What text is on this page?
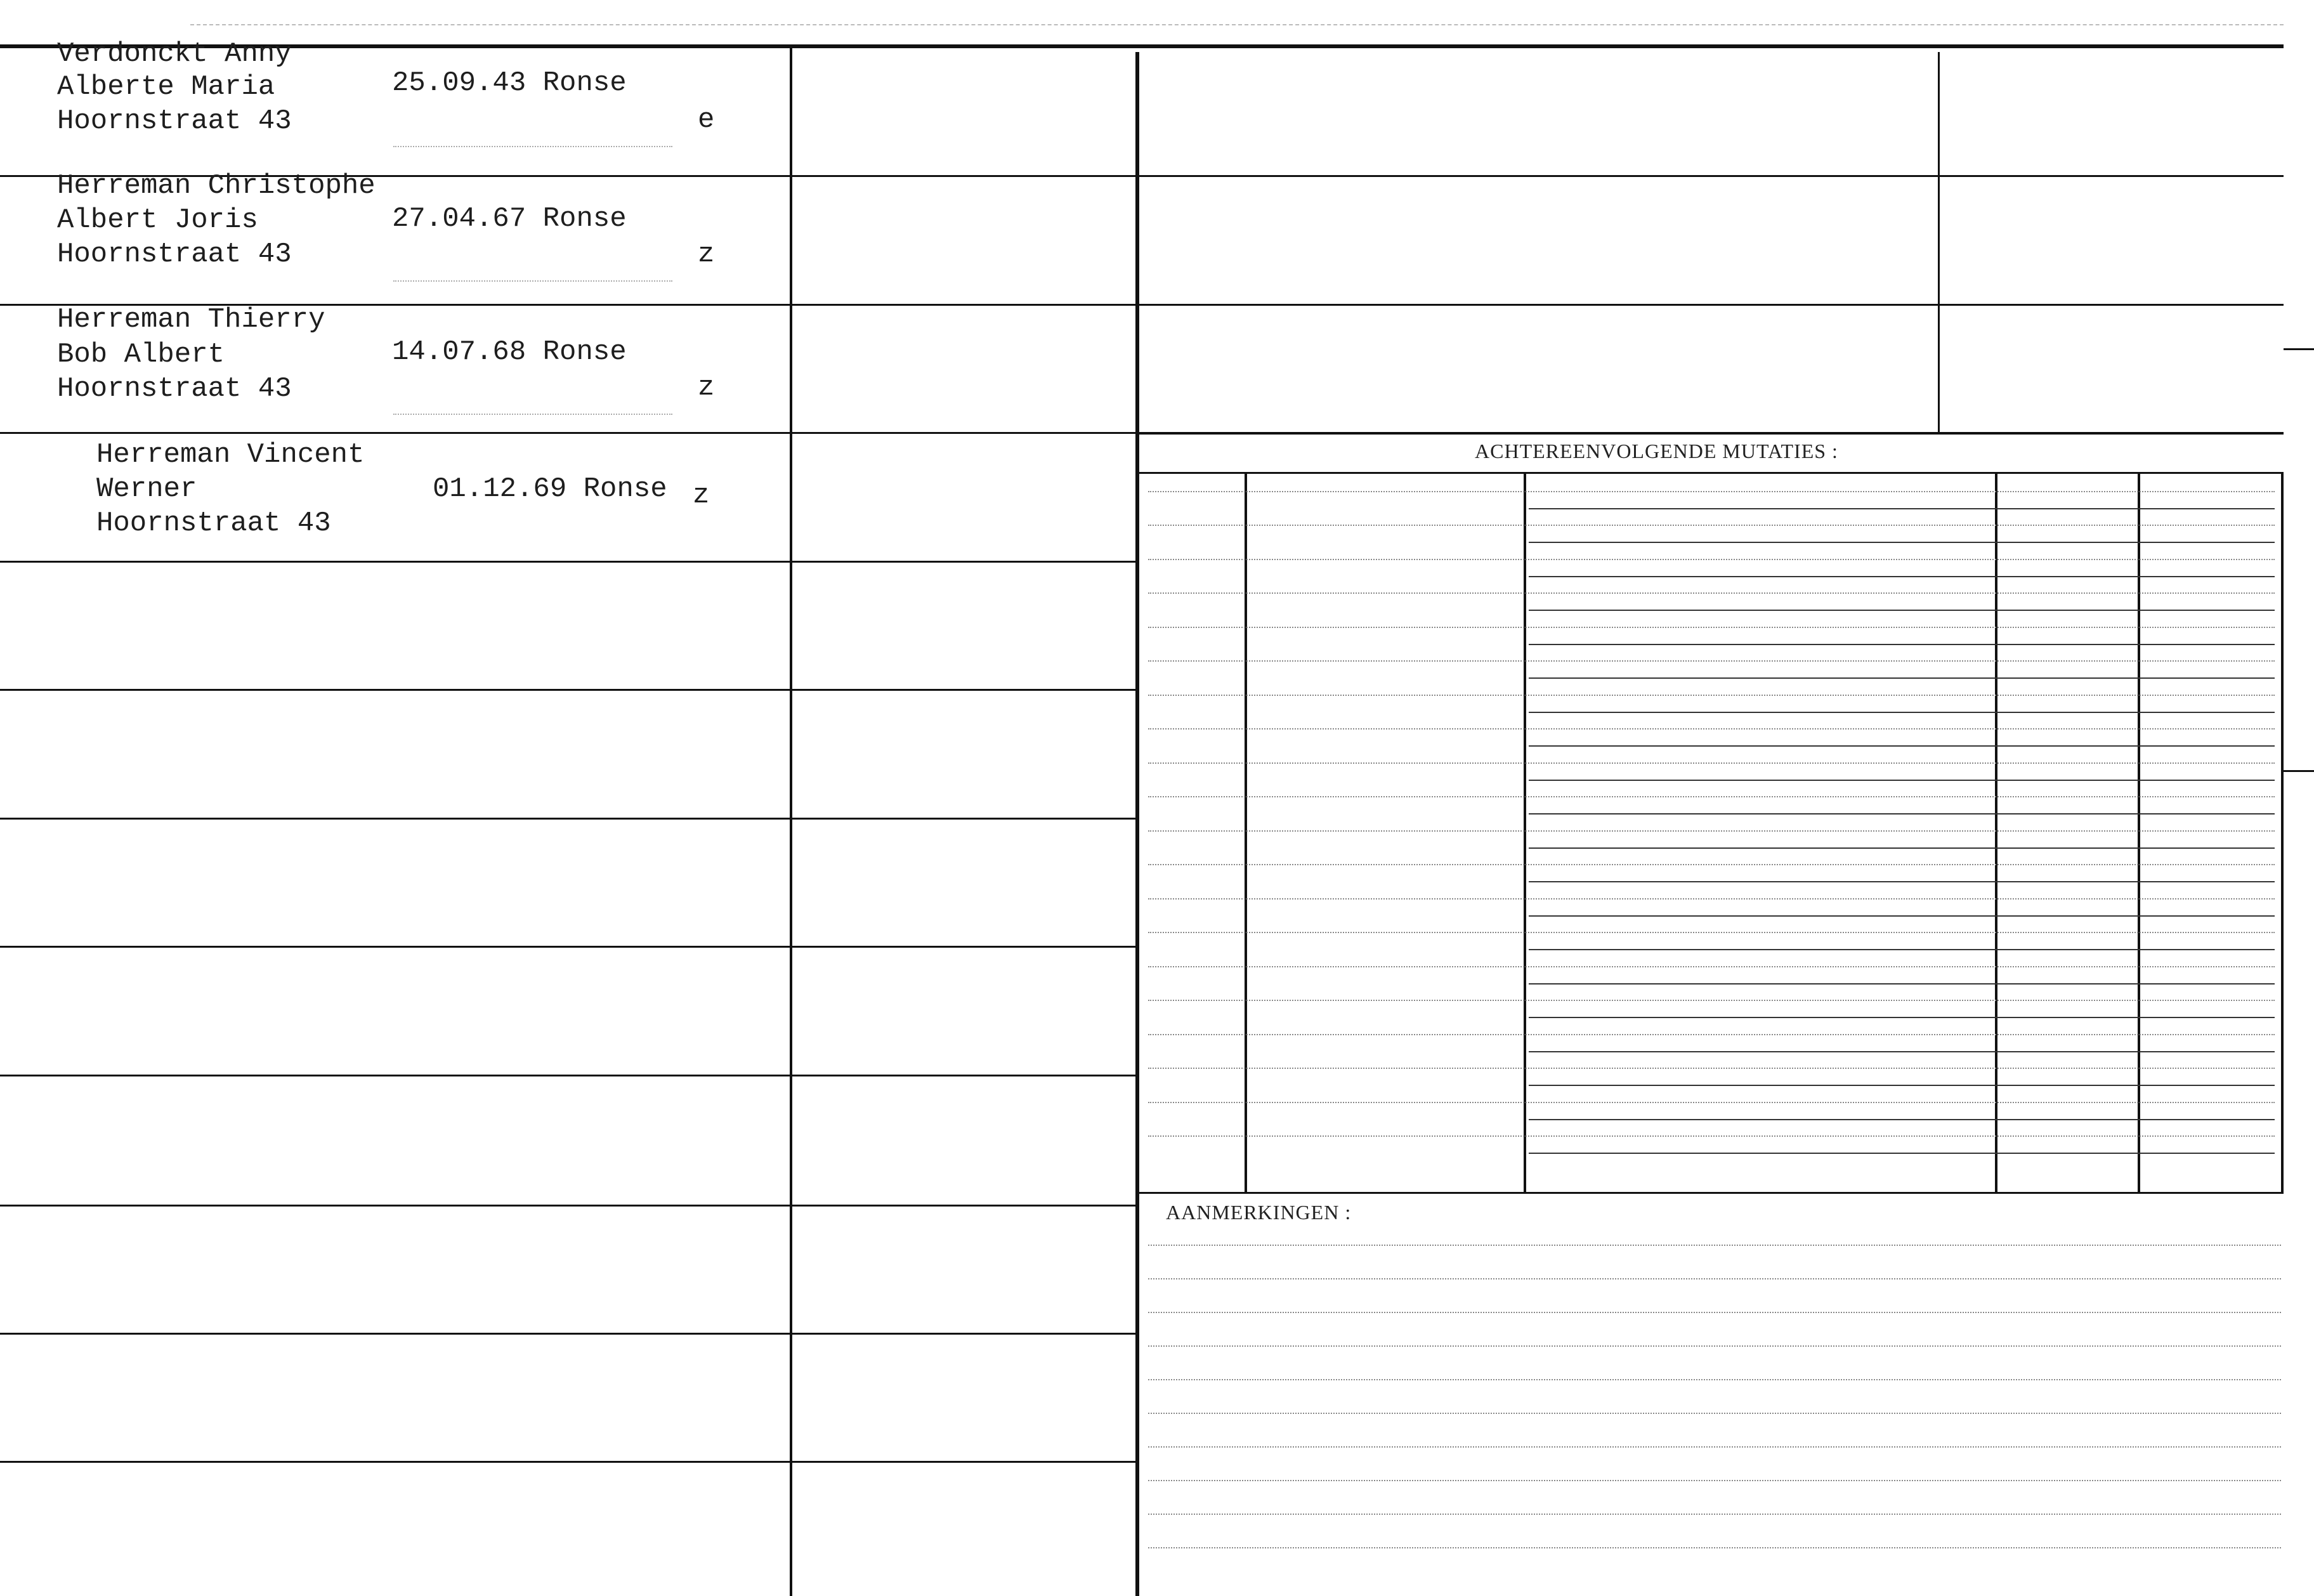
Verdonckt Anny
Alberte Maria
Hoornstraat 43
25.09.43 Ronse
e
Herreman Christophe
Albert Joris
Hoornstraat 43
27.04.67 Ronse
z
Herreman Thierry
Bob Albert
Hoornstraat 43
14.07.68 Ronse
z
Herreman Vincent
Werner
Hoornstraat 43
01.12.69 Ronse z
ACHTEREENVOLGENDE MUTATIES :
AANMERKINGEN :
